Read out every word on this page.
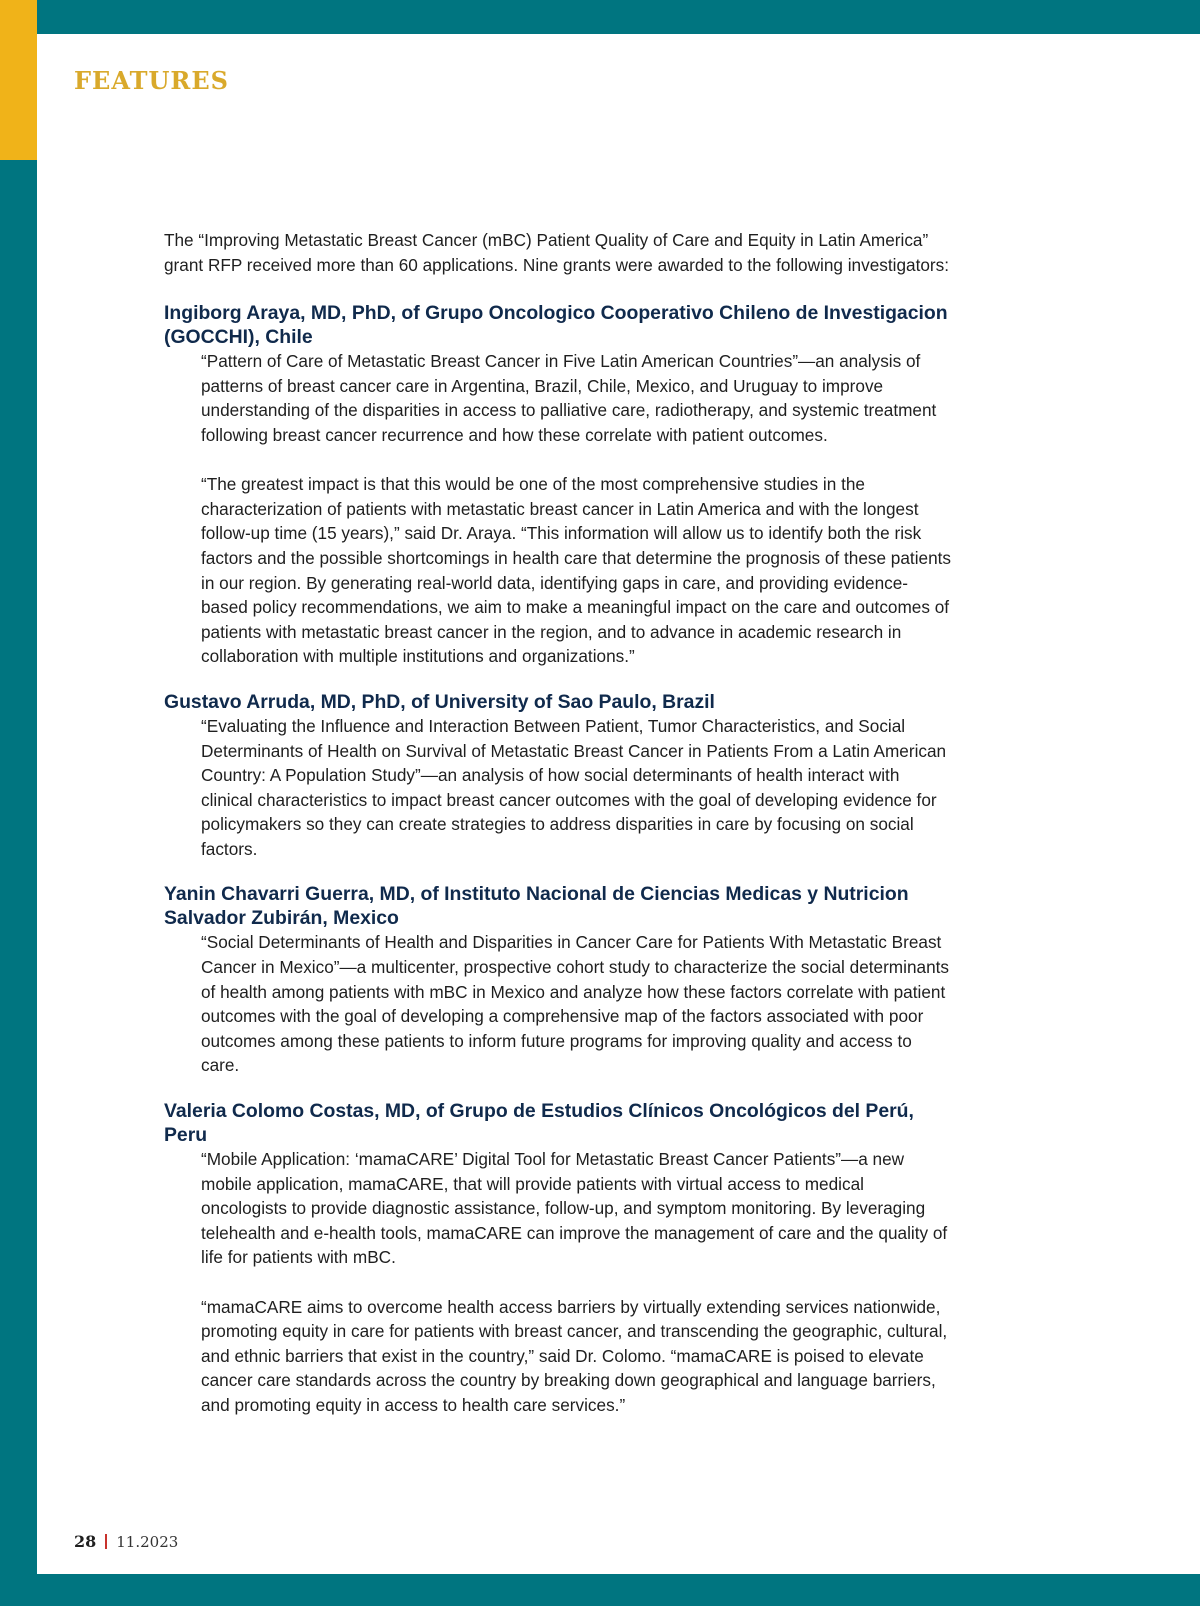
FEATURES

The “Improving Metastatic Breast Cancer (mBC) Patient Quality of Care and Equity in Latin America” grant RFP received more than 60 applications. Nine grants were awarded to the following investigators:

Ingiborg Araya, MD, PhD, of Grupo Oncologico Cooperativo Chileno de Investigacion (GOCCHI), Chile

“Pattern of Care of Metastatic Breast Cancer in Five Latin American Countries”—an analysis of patterns of breast cancer care in Argentina, Brazil, Chile, Mexico, and Uruguay to improve understanding of the disparities in access to palliative care, radiotherapy, and systemic treatment following breast cancer recurrence and how these correlate with patient outcomes.

“The greatest impact is that this would be one of the most comprehensive studies in the characterization of patients with metastatic breast cancer in Latin America and with the longest follow-up time (15 years),” said Dr. Araya. “This information will allow us to identify both the risk factors and the possible shortcomings in health care that determine the prognosis of these patients in our region. By generating real-world data, identifying gaps in care, and providing evidence-based policy recommendations, we aim to make a meaningful impact on the care and outcomes of patients with metastatic breast cancer in the region, and to advance in academic research in collaboration with multiple institutions and organizations.”

Gustavo Arruda, MD, PhD, of University of Sao Paulo, Brazil

“Evaluating the Influence and Interaction Between Patient, Tumor Characteristics, and Social Determinants of Health on Survival of Metastatic Breast Cancer in Patients From a Latin American Country: A Population Study”—an analysis of how social determinants of health interact with clinical characteristics to impact breast cancer outcomes with the goal of developing evidence for policymakers so they can create strategies to address disparities in care by focusing on social factors.

Yanin Chavarri Guerra, MD, of Instituto Nacional de Ciencias Medicas y Nutricion Salvador Zubirán, Mexico

“Social Determinants of Health and Disparities in Cancer Care for Patients With Metastatic Breast Cancer in Mexico”—a multicenter, prospective cohort study to characterize the social determinants of health among patients with mBC in Mexico and analyze how these factors correlate with patient outcomes with the goal of developing a comprehensive map of the factors associated with poor outcomes among these patients to inform future programs for improving quality and access to care.

Valeria Colomo Costas, MD, of Grupo de Estudios Clínicos Oncológicos del Perú, Peru

“Mobile Application: ‘mamaCARE’ Digital Tool for Metastatic Breast Cancer Patients”—a new mobile application, mamaCARE, that will provide patients with virtual access to medical oncologists to provide diagnostic assistance, follow-up, and symptom monitoring. By leveraging telehealth and e-health tools, mamaCARE can improve the management of care and the quality of life for patients with mBC.

“mamaCARE aims to overcome health access barriers by virtually extending services nationwide, promoting equity in care for patients with breast cancer, and transcending the geographic, cultural, and ethnic barriers that exist in the country,” said Dr. Colomo. “mamaCARE is poised to elevate cancer care standards across the country by breaking down geographical and language barriers, and promoting equity in access to health care services.”

28 11.2023
